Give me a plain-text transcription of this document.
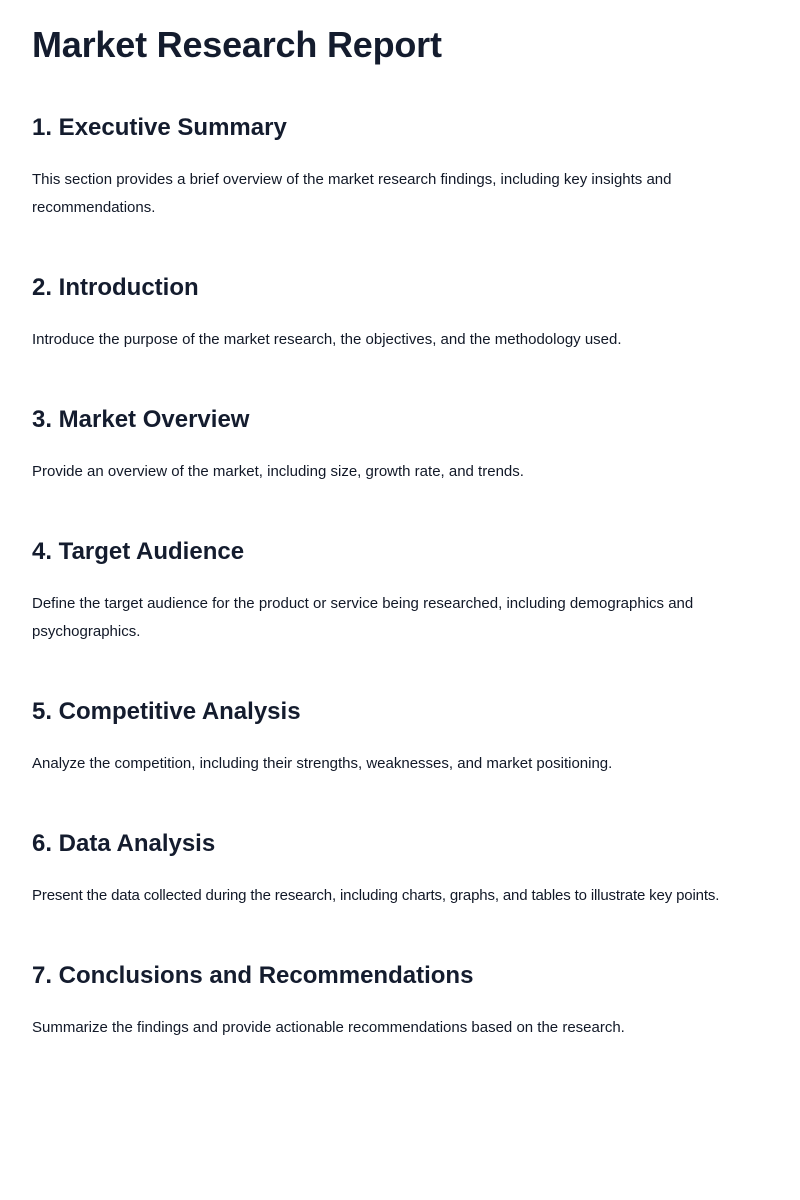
Market Research Report
1. Executive Summary

This section provides a brief overview of the market research findings, including key insights and recommendations.

2. Introduction

Introduce the purpose of the market research, the objectives, and the methodology used.

3. Market Overview

Provide an overview of the market, including size, growth rate, and trends.

4. Target Audience

Define the target audience for the product or service being researched, including demographics and psychographics.

5. Competitive Analysis

Analyze the competition, including their strengths, weaknesses, and market positioning.

6. Data Analysis

Present the data collected during the research, including charts, graphs, and tables to illustrate key points.

7. Conclusions and Recommendations

Summarize the findings and provide actionable recommendations based on the research.
